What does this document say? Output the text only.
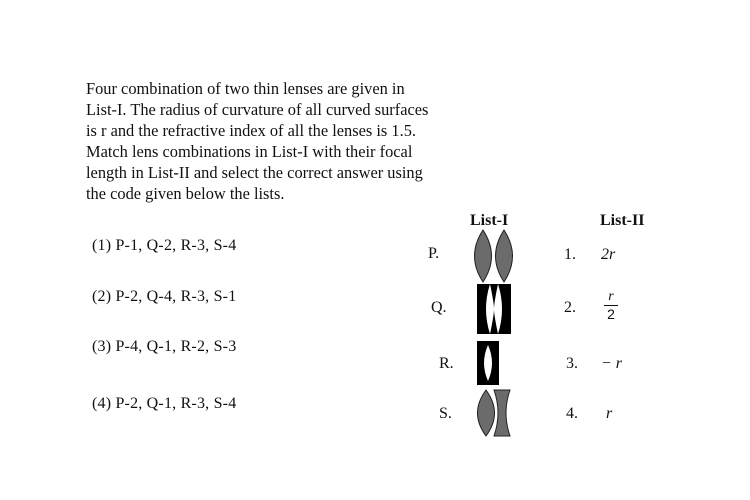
Four combination of two thin lenses are given in
List-I. The radius of curvature of all curved surfaces
is r and the refractive index of all the lenses is 1.5.
Match lens combinations in List-I with their focal
length in List-II and select the correct answer using
the code given below the lists.
(1) P-1, Q-2, R-3, S-4
(2) P-2, Q-4, R-3, S-1
(3) P-4, Q-1, R-2, S-3
(4) P-2, Q-1, R-3, S-4
List-I	List-II
P.
Q.
R.
S.
1.
2.
3.
4.
2r
r
2
− r
r
